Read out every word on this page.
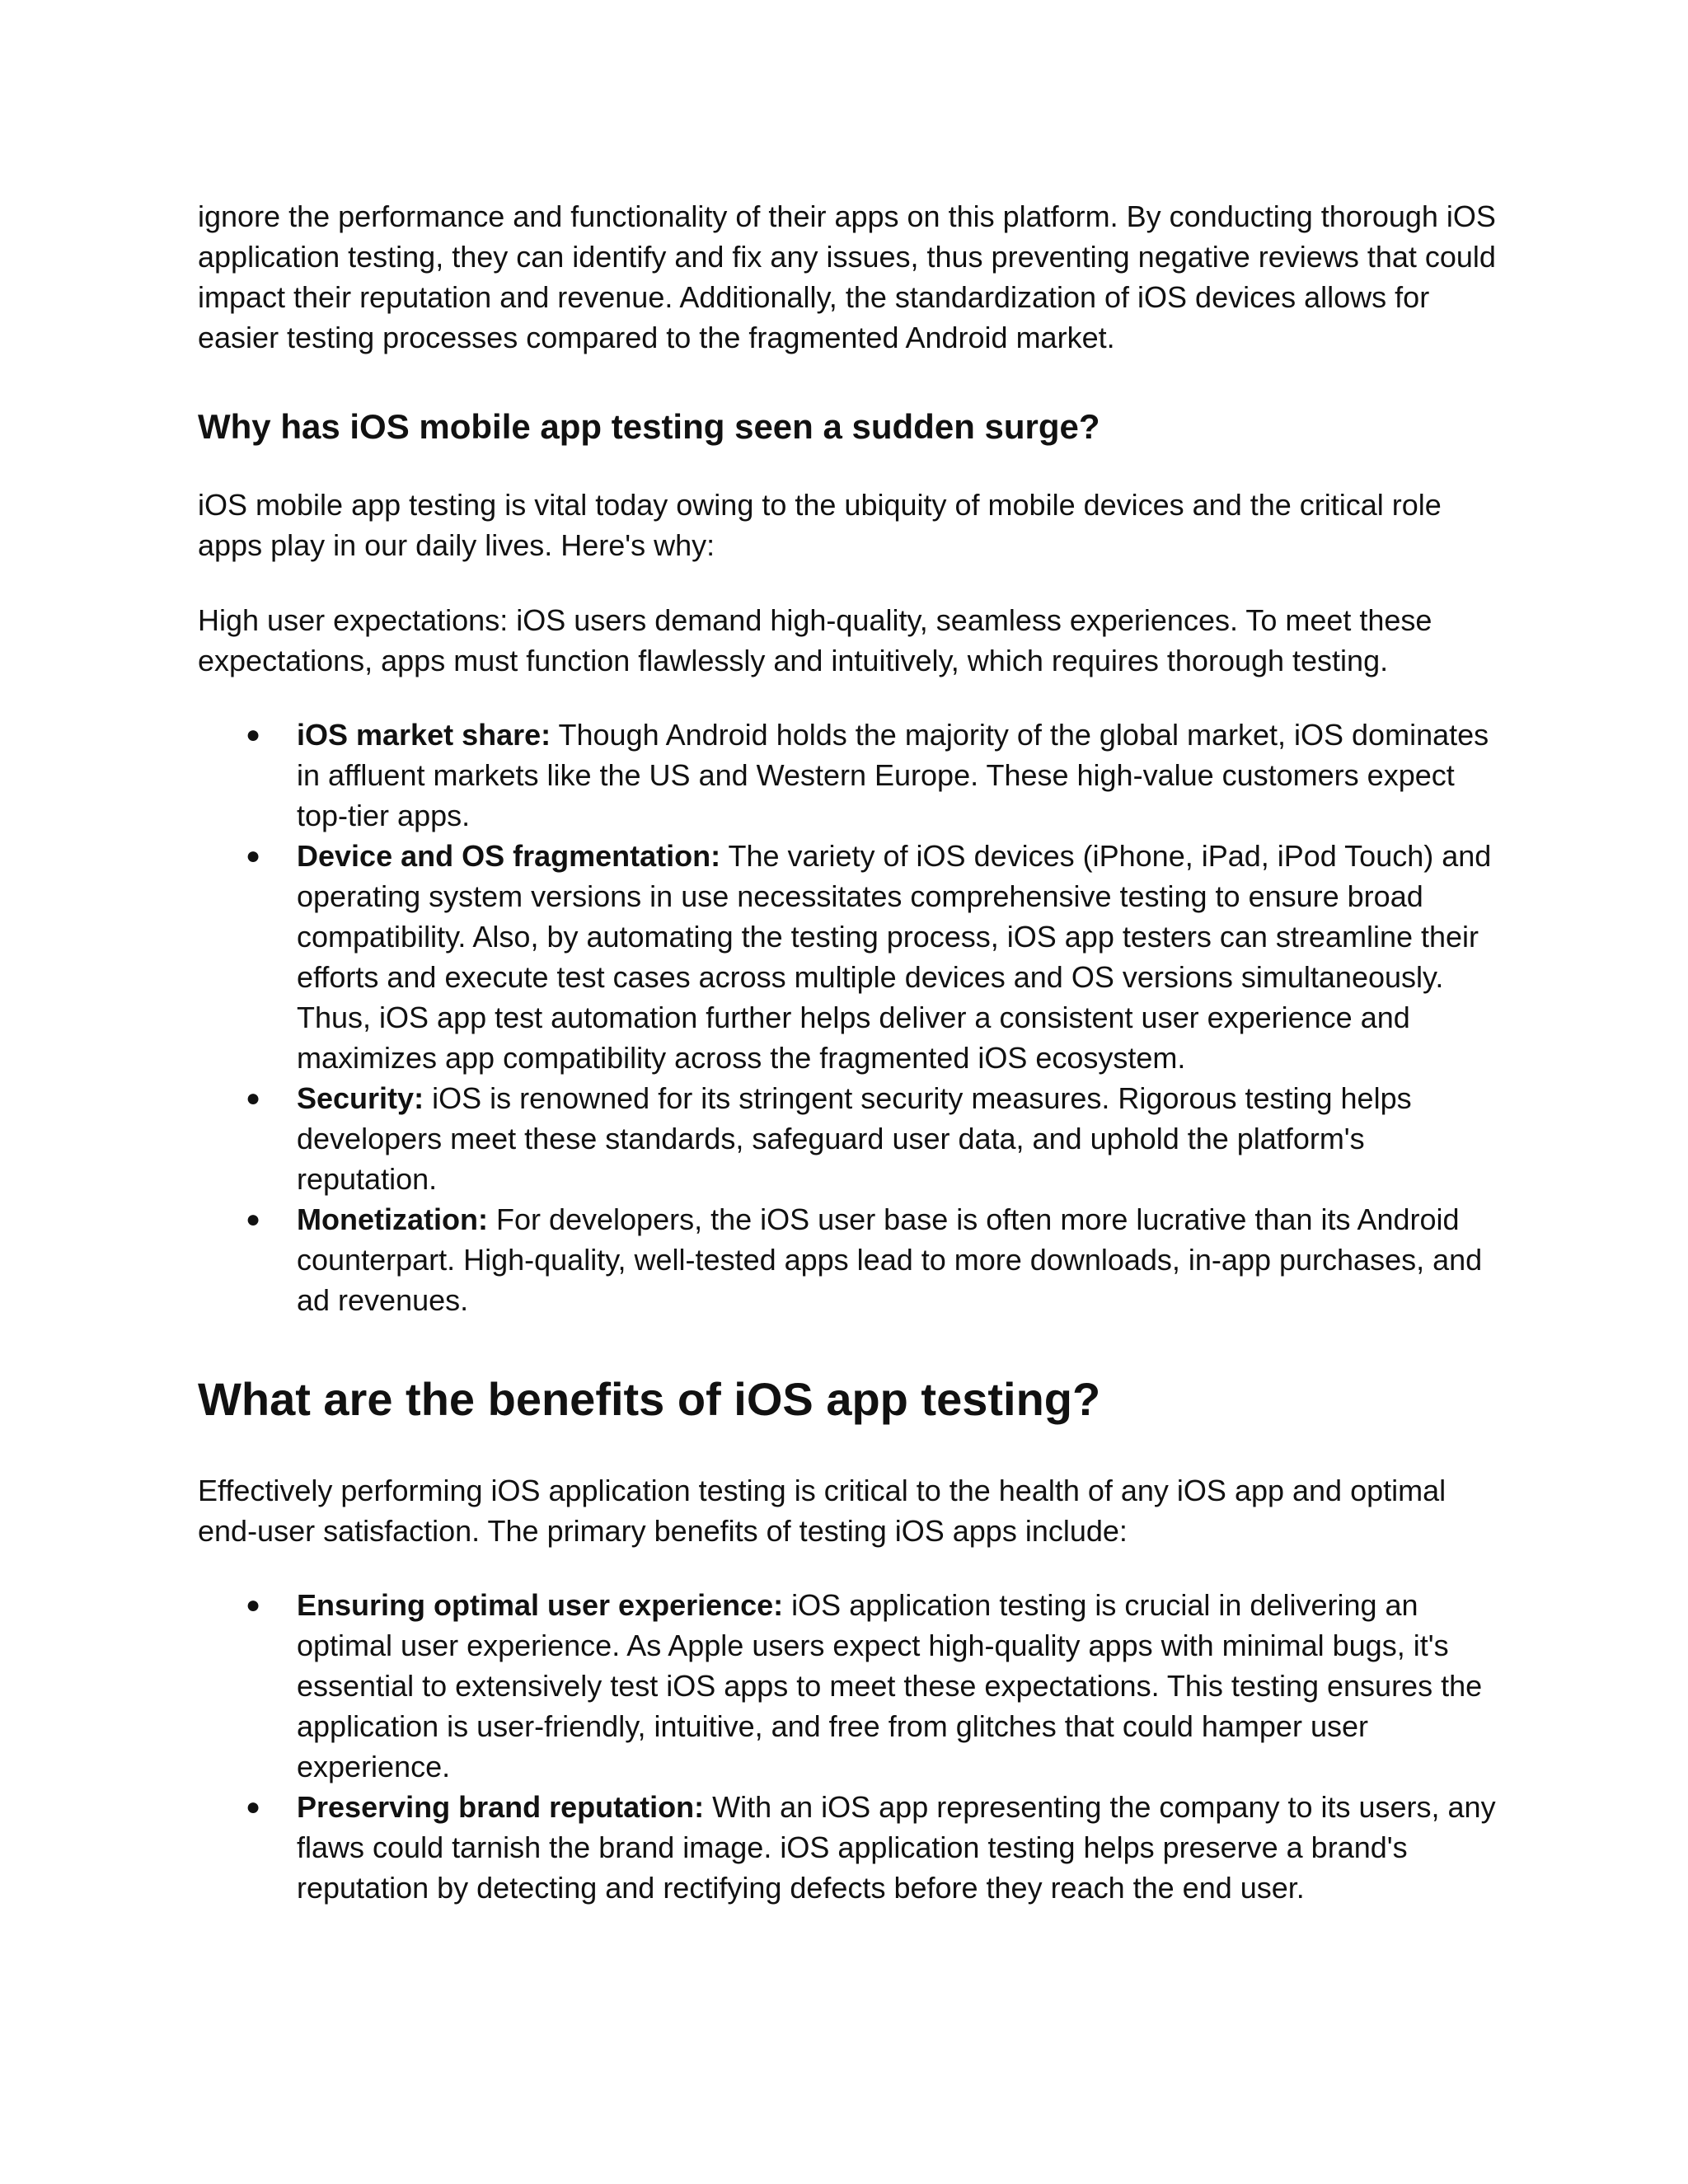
ignore the performance and functionality of their apps on this platform. By conducting thorough iOS application testing, they can identify and fix any issues, thus preventing negative reviews that could impact their reputation and revenue. Additionally, the standardization of iOS devices allows for easier testing processes compared to the fragmented Android market.

Why has iOS mobile app testing seen a sudden surge?

iOS mobile app testing is vital today owing to the ubiquity of mobile devices and the critical role apps play in our daily lives. Here's why:

High user expectations: iOS users demand high-quality, seamless experiences. To meet these expectations, apps must function flawlessly and intuitively, which requires thorough testing.

● iOS market share: Though Android holds the majority of the global market, iOS dominates in affluent markets like the US and Western Europe. These high-value customers expect top-tier apps.
● Device and OS fragmentation: The variety of iOS devices (iPhone, iPad, iPod Touch) and operating system versions in use necessitates comprehensive testing to ensure broad compatibility. Also, by automating the testing process, iOS app testers can streamline their efforts and execute test cases across multiple devices and OS versions simultaneously. Thus, iOS app test automation further helps deliver a consistent user experience and maximizes app compatibility across the fragmented iOS ecosystem.
● Security: iOS is renowned for its stringent security measures. Rigorous testing helps developers meet these standards, safeguard user data, and uphold the platform's reputation.
● Monetization: For developers, the iOS user base is often more lucrative than its Android counterpart. High-quality, well-tested apps lead to more downloads, in-app purchases, and ad revenues.
What are the benefits of iOS app testing?

Effectively performing iOS application testing is critical to the health of any iOS app and optimal end-user satisfaction. The primary benefits of testing iOS apps include:

● Ensuring optimal user experience: iOS application testing is crucial in delivering an optimal user experience. As Apple users expect high-quality apps with minimal bugs, it's essential to extensively test iOS apps to meet these expectations. This testing ensures the application is user-friendly, intuitive, and free from glitches that could hamper user experience.
● Preserving brand reputation: With an iOS app representing the company to its users, any flaws could tarnish the brand image. iOS application testing helps preserve a brand's reputation by detecting and rectifying defects before they reach the end user.
